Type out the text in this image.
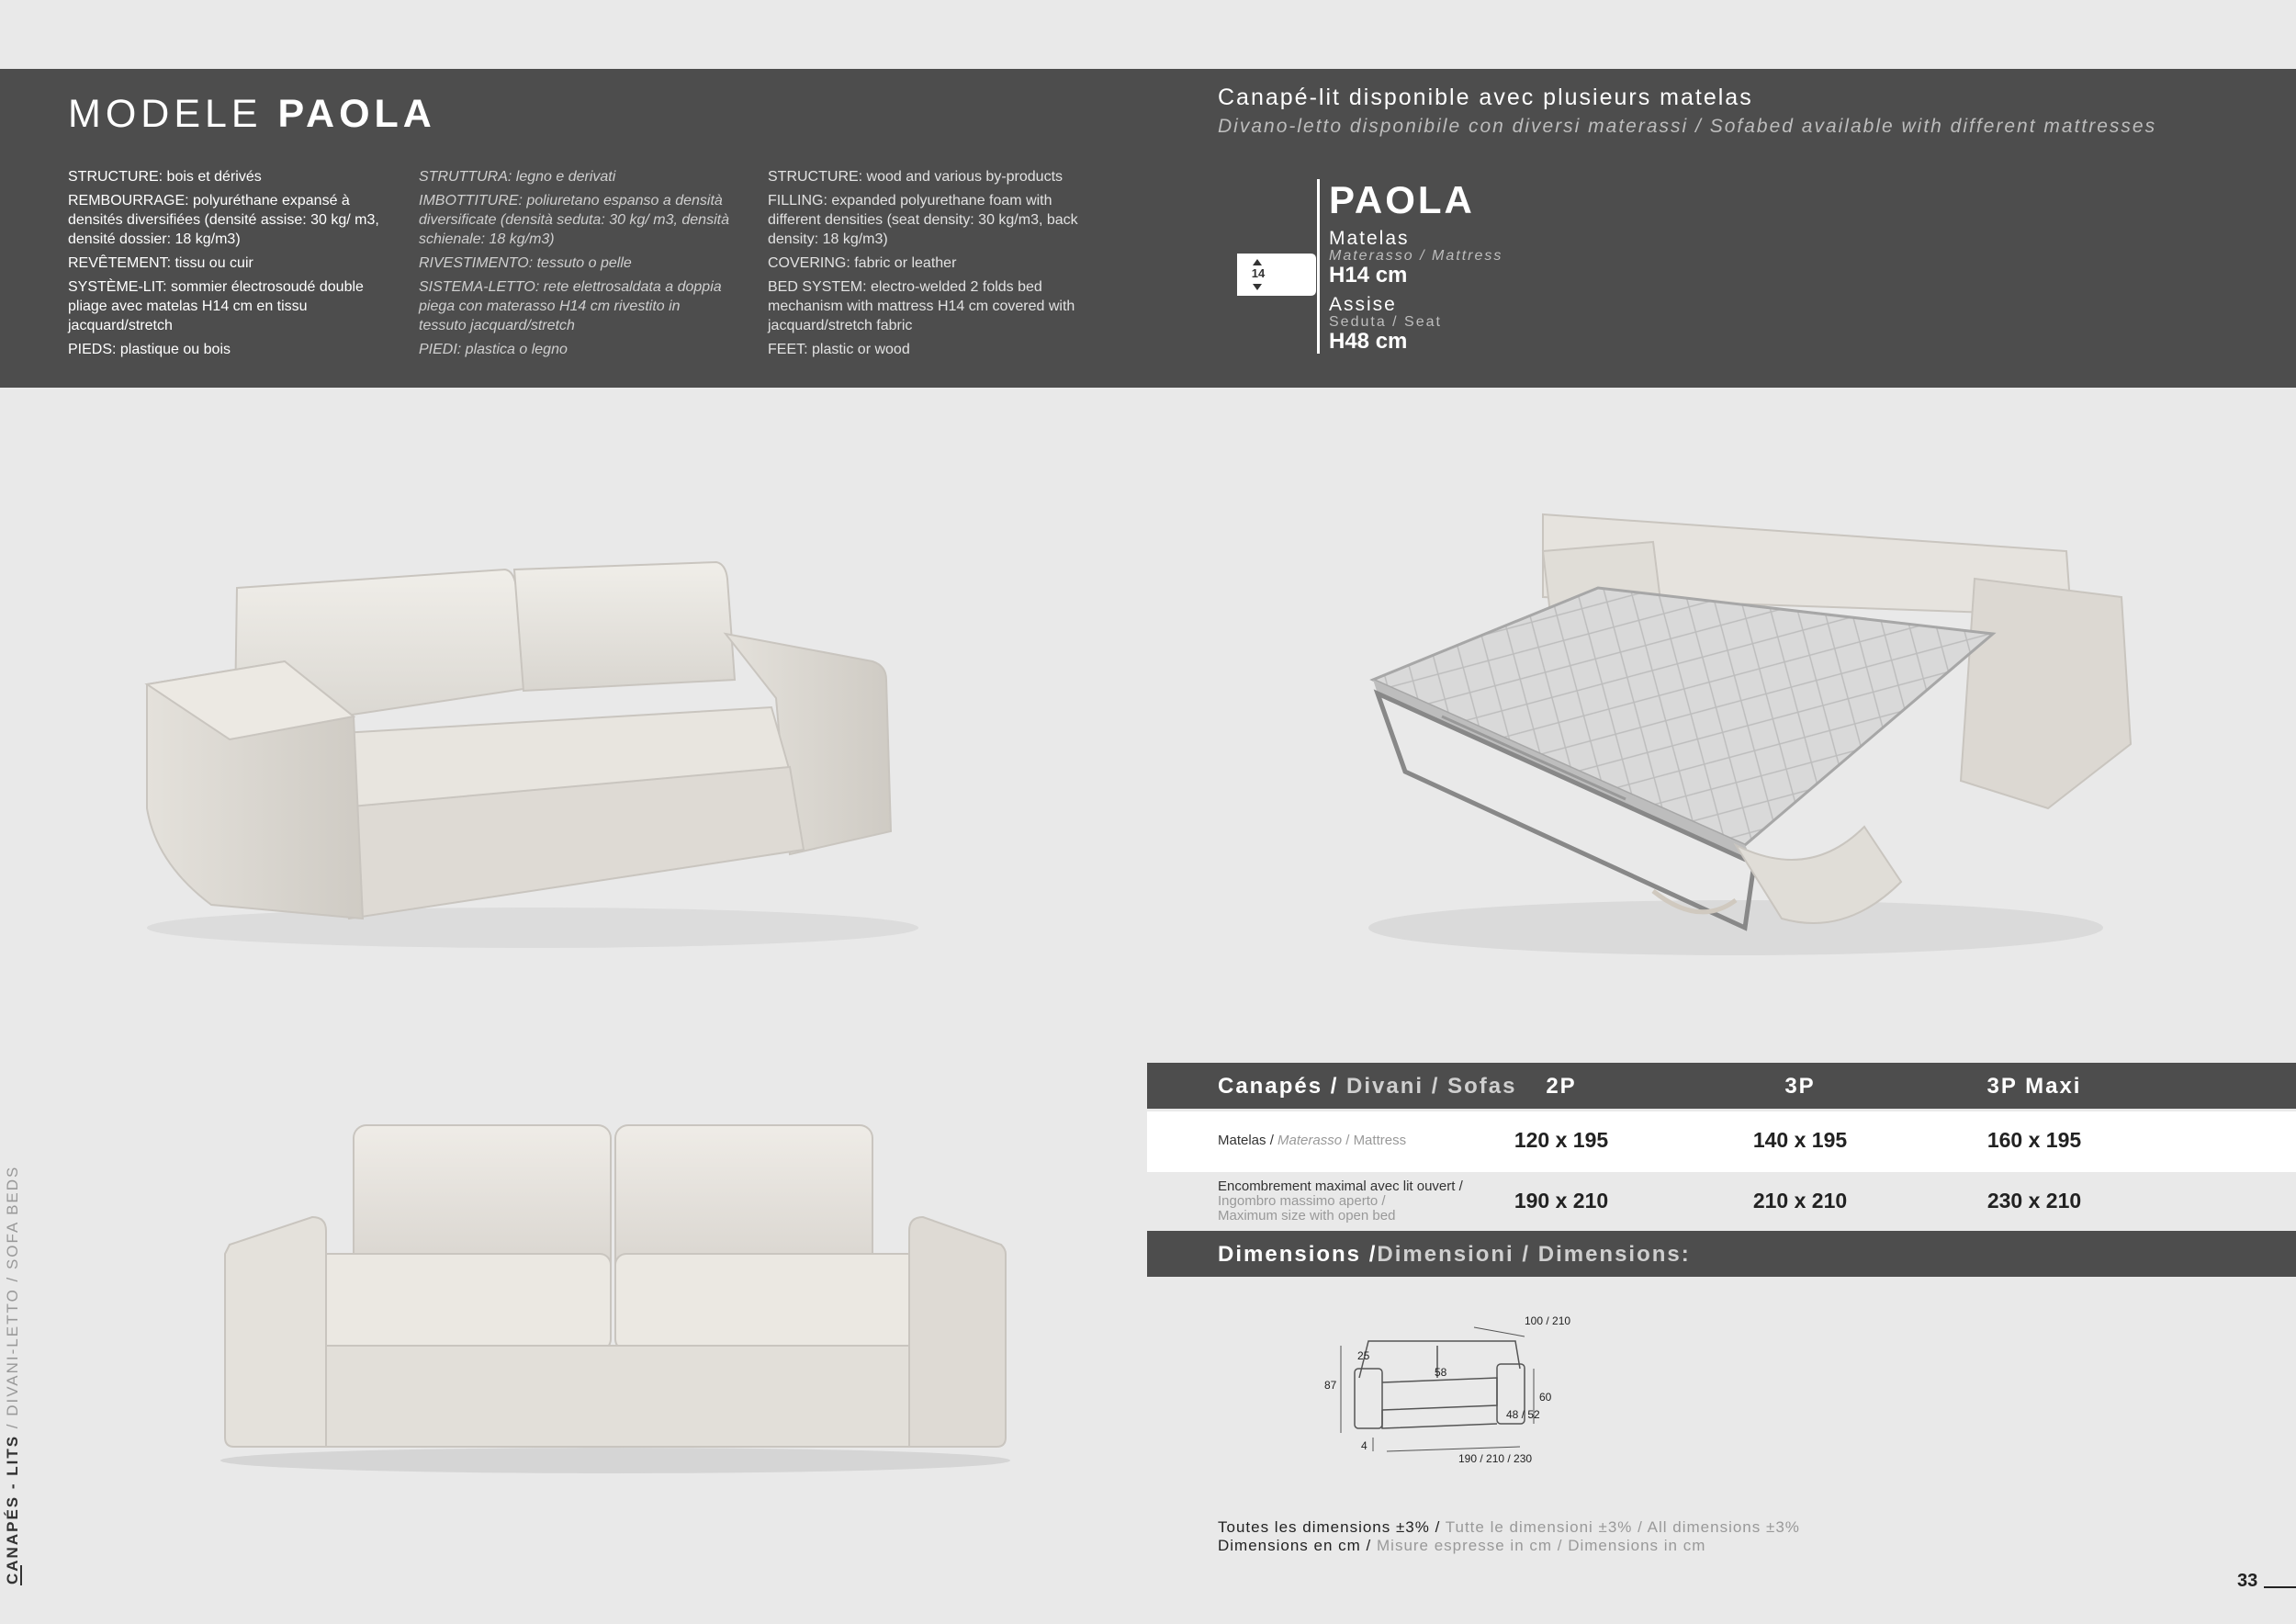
MODELE PAOLA

STRUCTURE: bois et dérivés

REMBOURRAGE: polyuréthane expansé à densités diversifiées (densité assise: 30 kg/ m3, densité dossier: 18 kg/m3)

REVÊTEMENT: tissu ou cuir

SYSTÈME-LIT: sommier électrosoudé double pliage avec matelas H14 cm en tissu jacquard/stretch

PIEDS: plastique ou bois

STRUTTURA: legno e derivati

IMBOTTITURE: poliuretano espanso a densità diversificate (densità seduta: 30 kg/ m3, densità schienale: 18 kg/m3)

RIVESTIMENTO: tessuto o pelle

SISTEMA-LETTO: rete elettrosaldata a doppia piega con materasso H14 cm rivestito in tessuto jacquard/stretch

PIEDI: plastica o legno

STRUCTURE: wood and various by-products

FILLING: expanded polyurethane foam with different densities (seat density: 30 kg/m3, back density: 18 kg/m3)

COVERING: fabric or leather

BED SYSTEM: electro-welded 2 folds bed mechanism with mattress H14 cm covered with jacquard/stretch fabric

FEET: plastic or wood

Canapé-lit disponible avec plusieurs matelas
Divano-letto disponibile con diversi materassi / Sofabed available with different mattresses
14
PAOLA
Matelas
Materasso / Mattress
H14 cm
Assise
Seduta / Seat
H48 cm
Canapés / Divani / Sofas	2P	3P	3P Maxi
Matelas / Materasso / Mattress	120 x 195	140 x 195	160 x 195
Encombrement maximal avec lit ouvert /
Ingombro massimo aperto /
Maximum size with open bed
190 x 210	210 x 210	230 x 210
Dimensions /Dimensioni / Dimensions:
100 / 210
25
87
58
60
48 / 52
4
190 / 210 / 230
Toutes les dimensions ±3% / Tutte le dimensioni ±3% / All dimensions ±3%
Dimensions en cm / Misure espresse in cm / Dimensions in cm
CANAPÉS - LITS / DIVANI-LETTO / SOFA BEDS
33
